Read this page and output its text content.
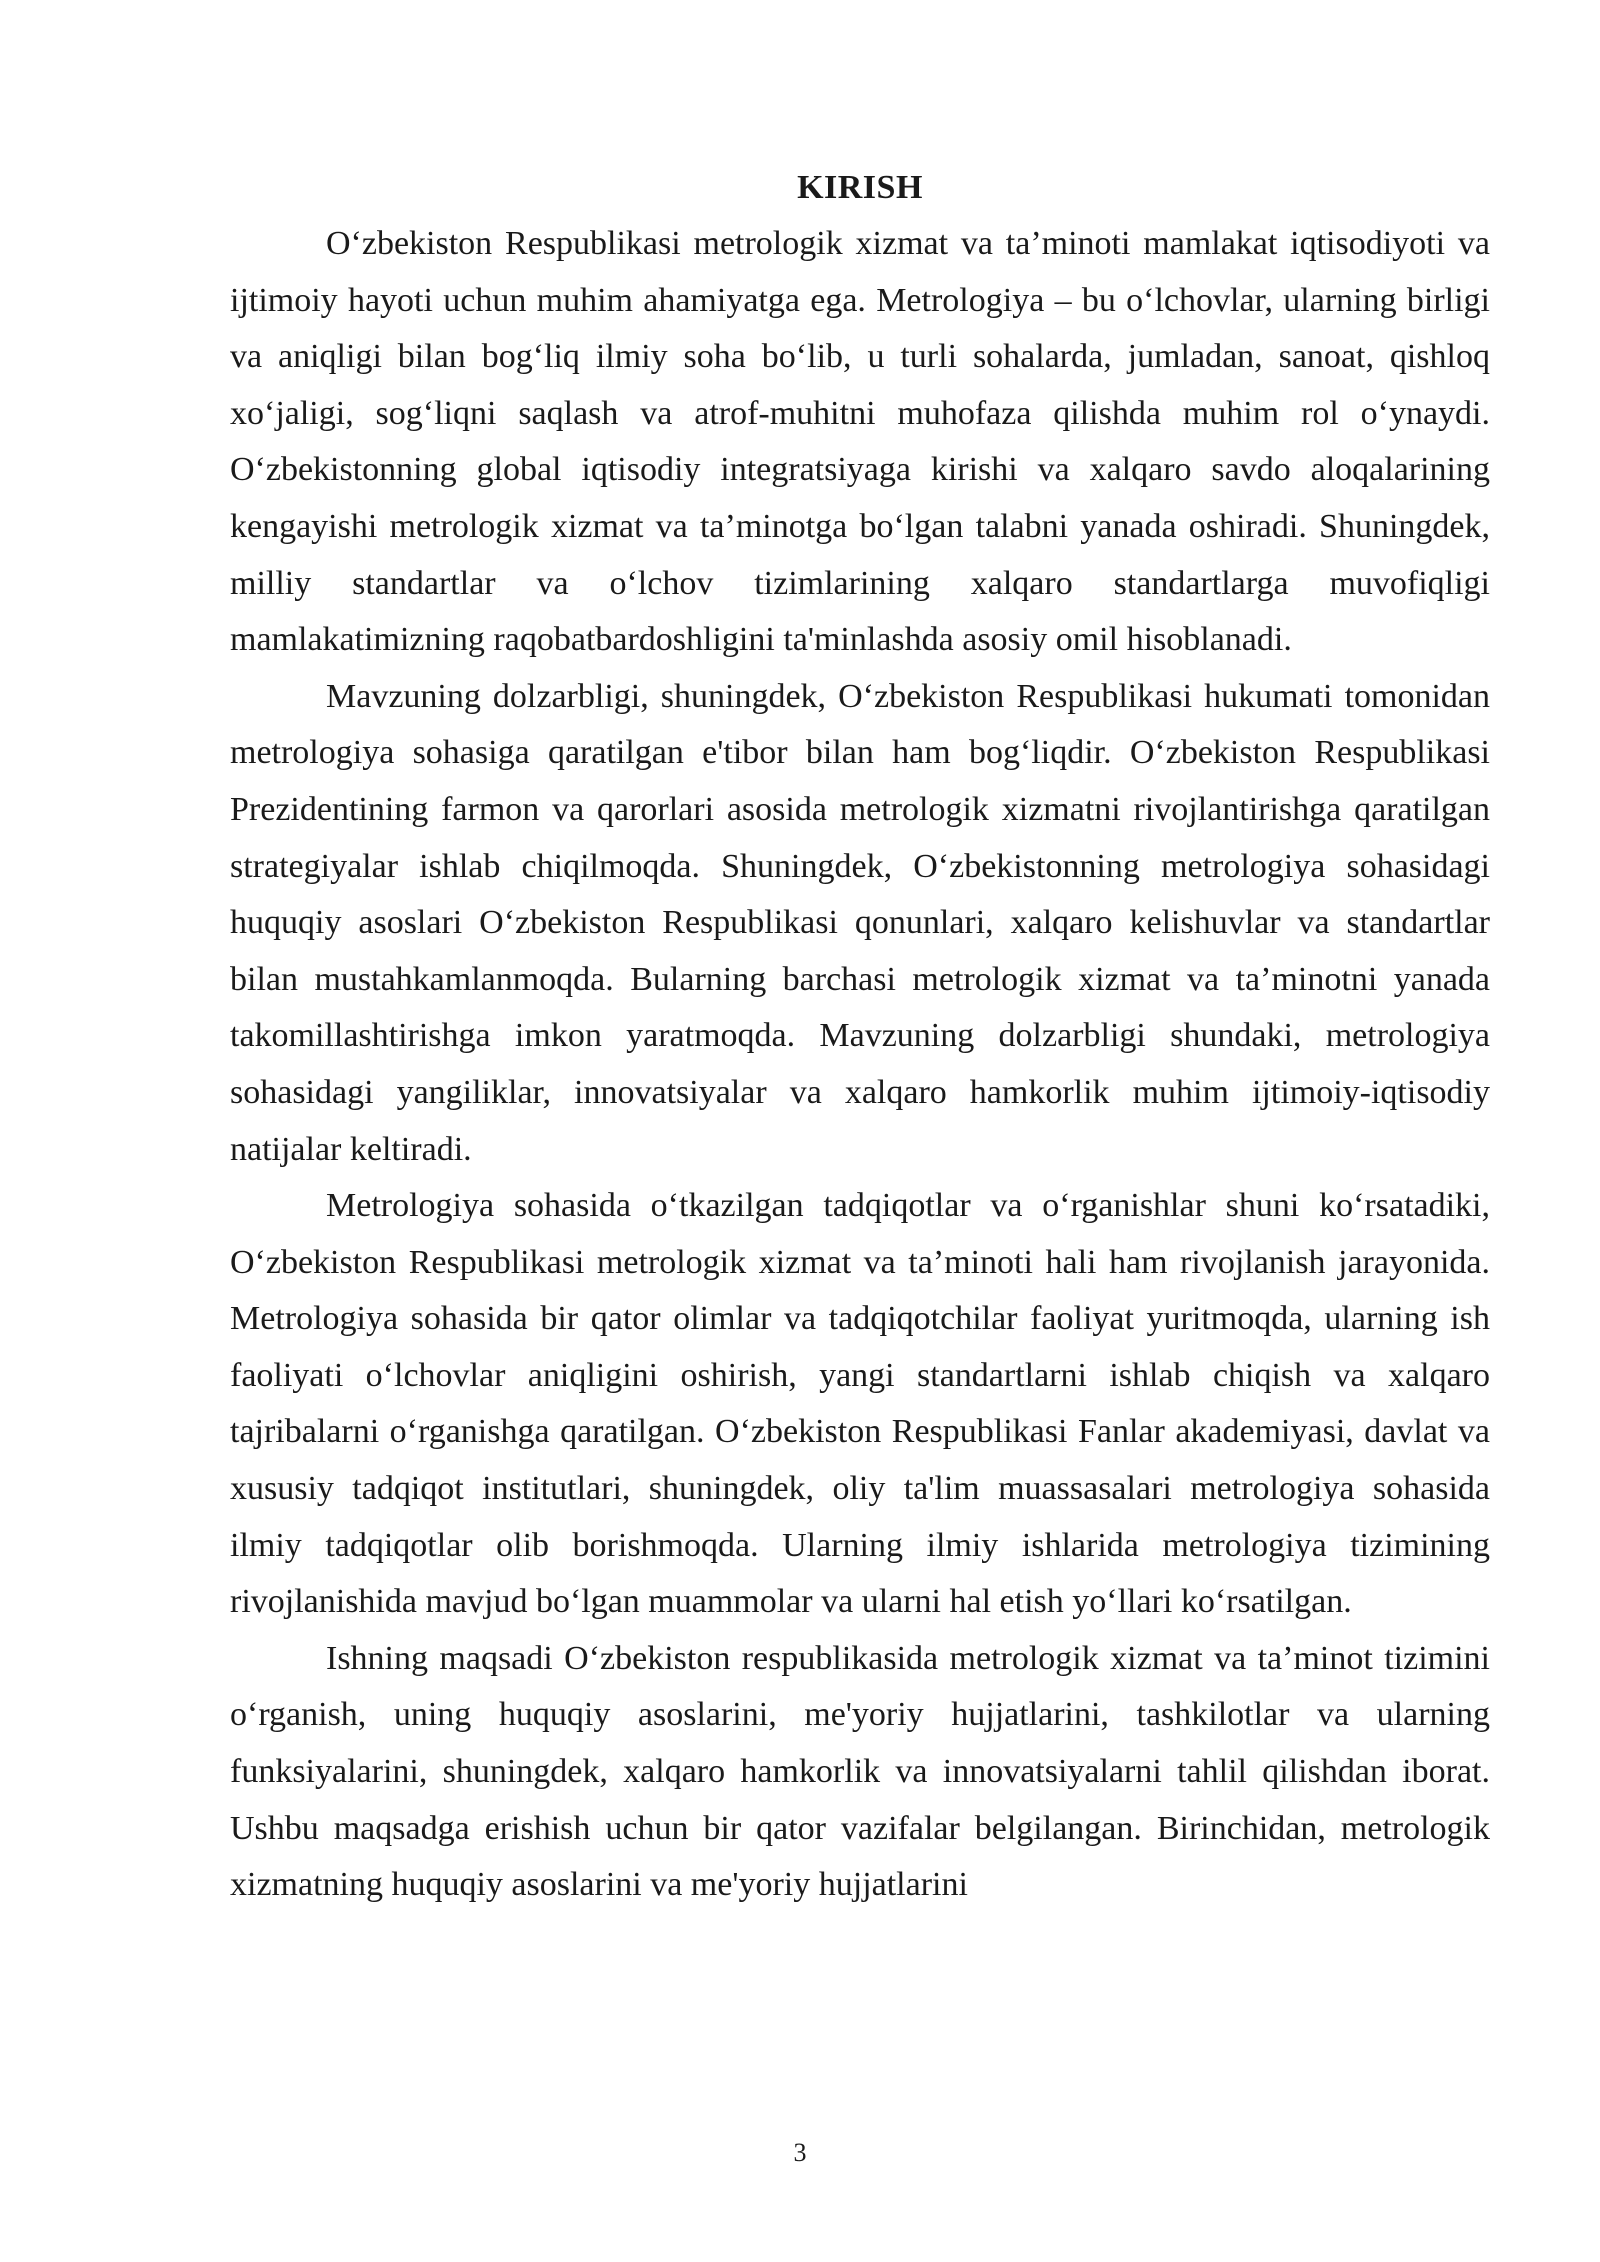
KIRISH

O‘zbekiston Respublikasi metrologik xizmat va ta’minoti mamlakat iqtisodiyoti va ijtimoiy hayoti uchun muhim ahamiyatga ega. Metrologiya – bu o‘lchovlar, ularning birligi va aniqligi bilan bog‘liq ilmiy soha bo‘lib, u turli sohalarda, jumladan, sanoat, qishloq xo‘jaligi, sog‘liqni saqlash va atrof-muhitni muhofaza qilishda muhim rol o‘ynaydi. O‘zbekistonning global iqtisodiy integratsiyaga kirishi va xalqaro savdo aloqalarining kengayishi metrologik xizmat va ta’minotga bo‘lgan talabni yanada oshiradi. Shuningdek, milliy standartlar va o‘lchov tizimlarining xalqaro standartlarga muvofiqligi mamlakatimizning raqobatbardoshligini ta'minlashda asosiy omil hisoblanadi.

Mavzuning dolzarbligi, shuningdek, O‘zbekiston Respublikasi hukumati tomonidan metrologiya sohasiga qaratilgan e'tibor bilan ham bog‘liqdir. O‘zbekiston Respublikasi Prezidentining farmon va qarorlari asosida metrologik xizmatni rivojlantirishga qaratilgan strategiyalar ishlab chiqilmoqda. Shuningdek, O‘zbekistonning metrologiya sohasidagi huquqiy asoslari O‘zbekiston Respublikasi qonunlari, xalqaro kelishuvlar va standartlar bilan mustahkamlanmoqda. Bularning barchasi metrologik xizmat va ta’minotni yanada takomillashtirishga imkon yaratmoqda. Mavzuning dolzarbligi shundaki, metrologiya sohasidagi yangiliklar, innovatsiyalar va xalqaro hamkorlik muhim ijtimoiy-iqtisodiy natijalar keltiradi.

Metrologiya sohasida o‘tkazilgan tadqiqotlar va o‘rganishlar shuni ko‘rsatadiki, O‘zbekiston Respublikasi metrologik xizmat va ta’minoti hali ham rivojlanish jarayonida. Metrologiya sohasida bir qator olimlar va tadqiqotchilar faoliyat yuritmoqda, ularning ish faoliyati o‘lchovlar aniqligini oshirish, yangi standartlarni ishlab chiqish va xalqaro tajribalarni o‘rganishga qaratilgan. O‘zbekiston Respublikasi Fanlar akademiyasi, davlat va xususiy tadqiqot institutlari, shuningdek, oliy ta'lim muassasalari metrologiya sohasida ilmiy tadqiqotlar olib borishmoqda. Ularning ilmiy ishlarida metrologiya tizimining rivojlanishida mavjud bo‘lgan muammolar va ularni hal etish yo‘llari ko‘rsatilgan.

Ishning maqsadi O‘zbekiston respublikasida metrologik xizmat va ta’minot tizimini o‘rganish, uning huquqiy asoslarini, me'yoriy hujjatlarini, tashkilotlar va ularning funksiyalarini, shuningdek, xalqaro hamkorlik va innovatsiyalarni tahlil qilishdan iborat. Ushbu maqsadga erishish uchun bir qator vazifalar belgilangan. Birinchidan, metrologik xizmatning huquqiy asoslarini va me'yoriy hujjatlarini

3
